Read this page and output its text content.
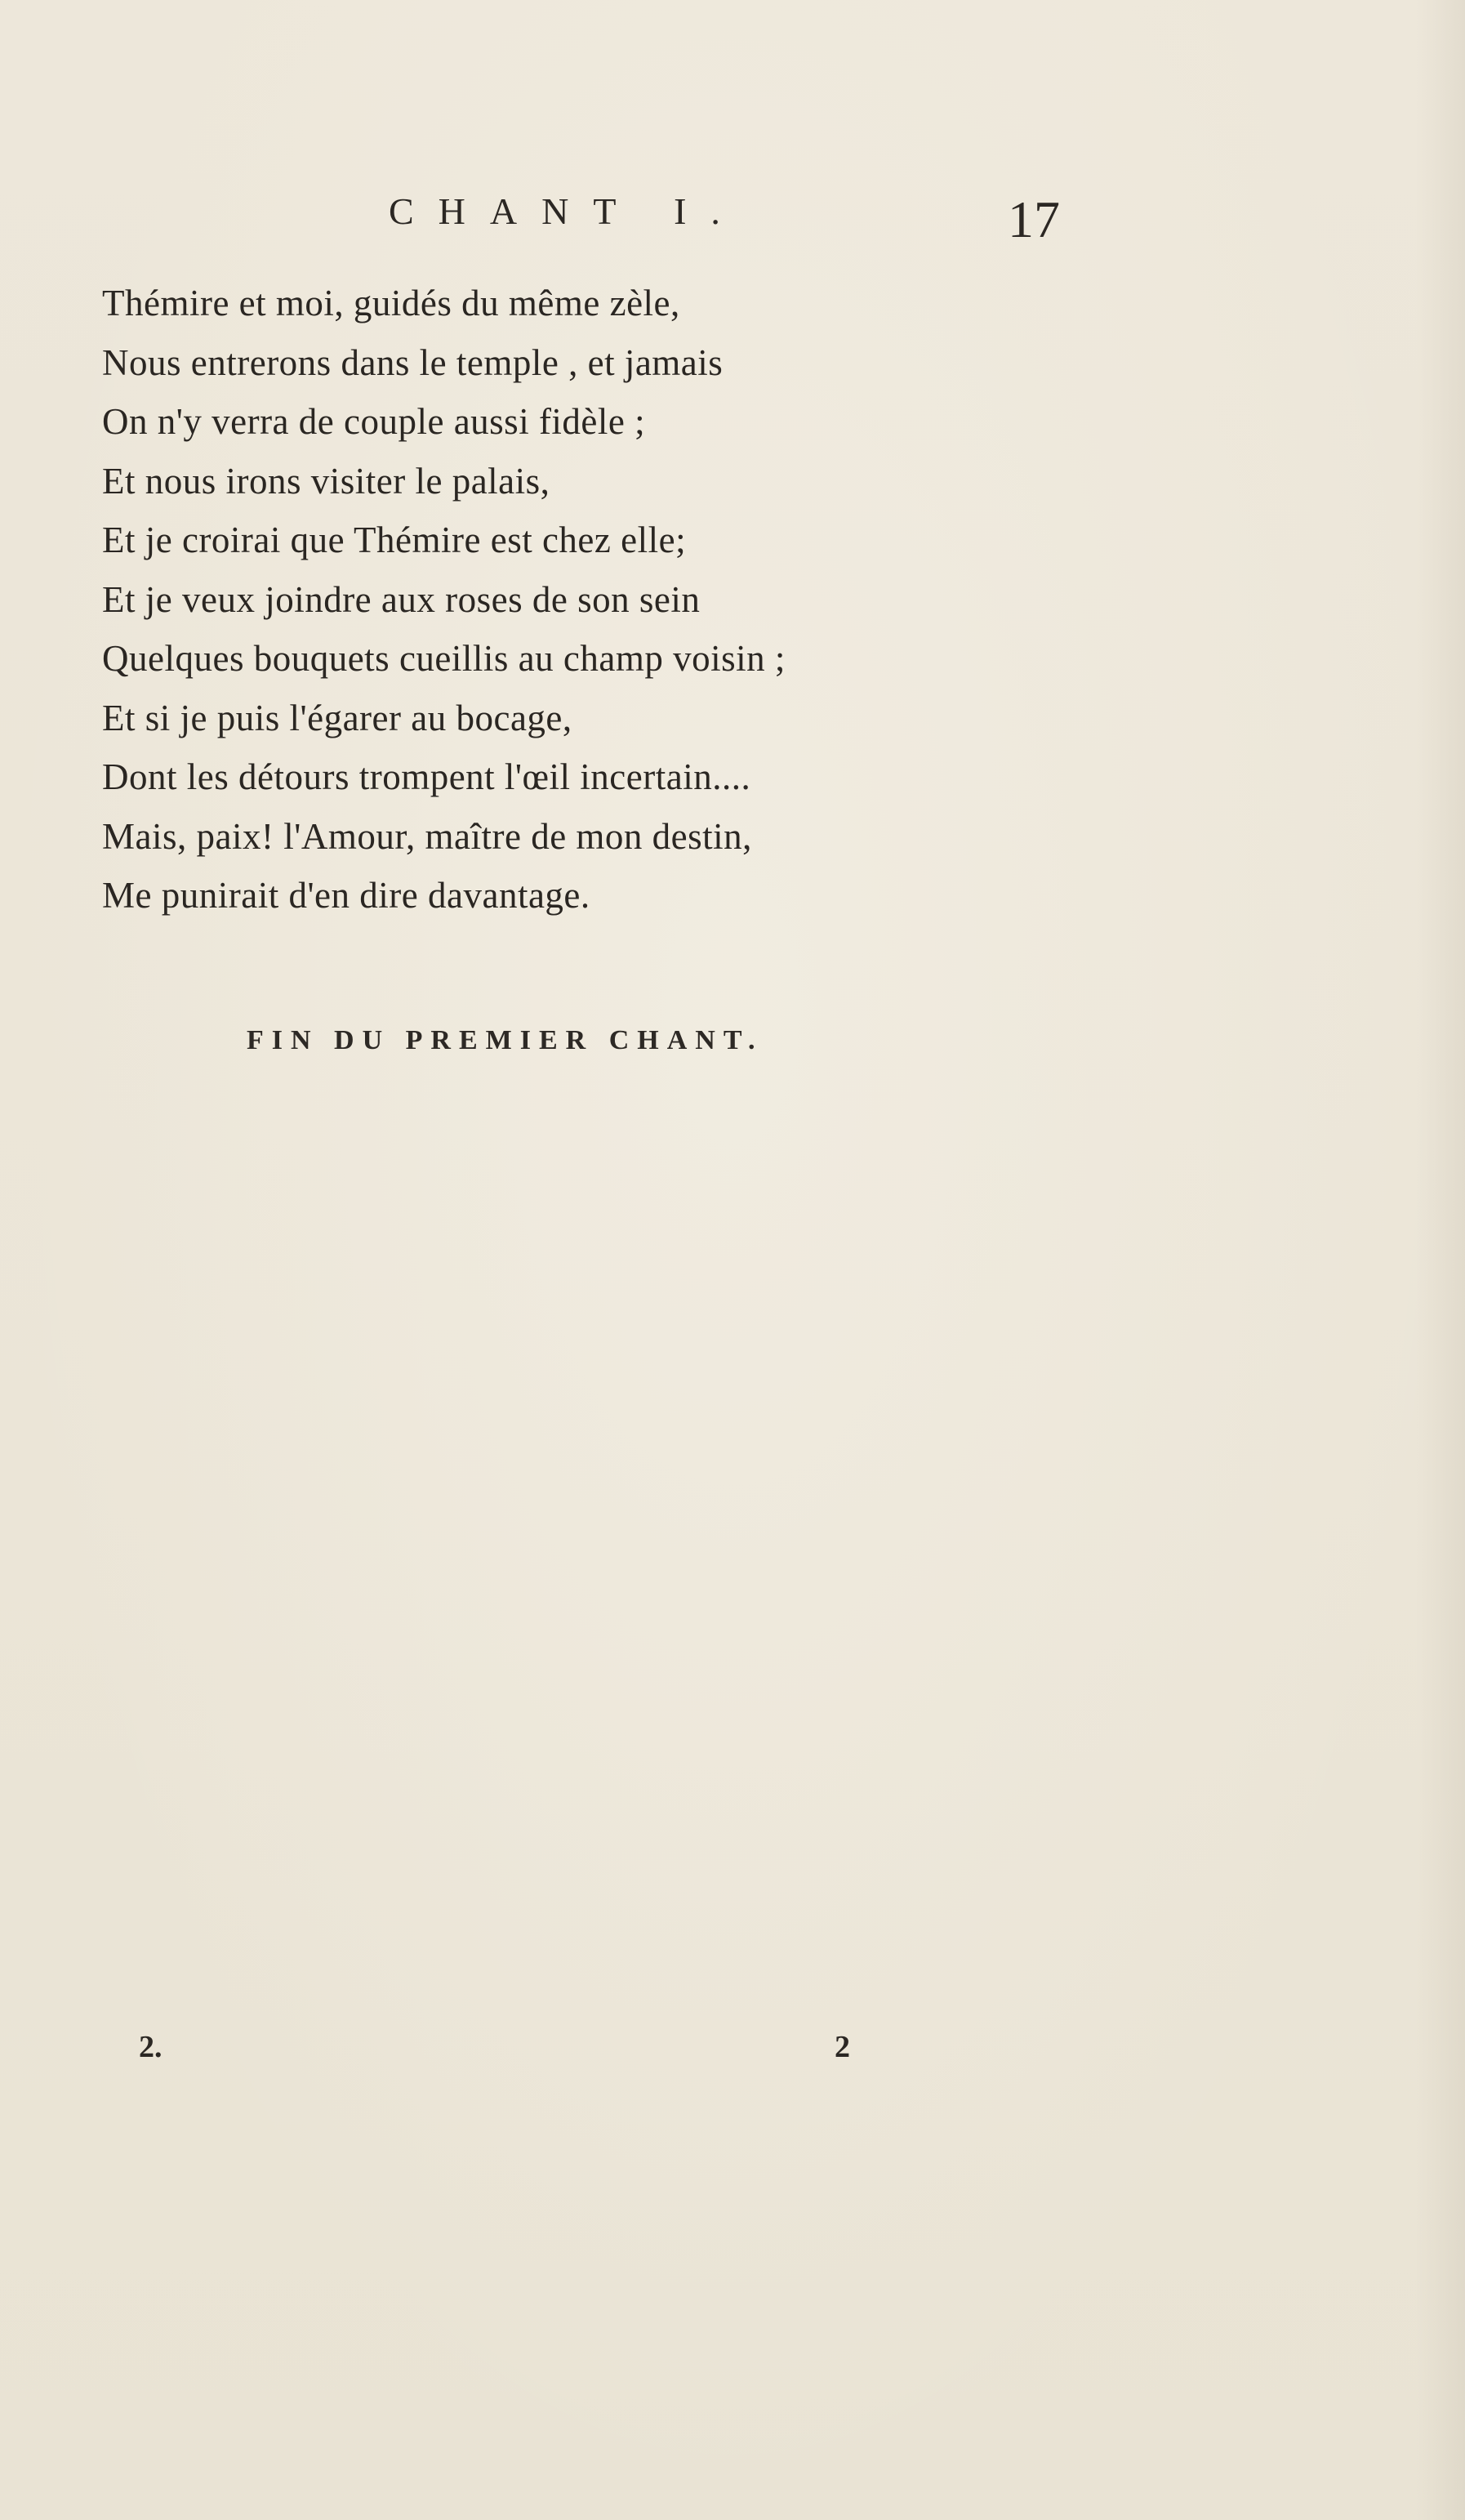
CHANT I.	17
Thémire et moi, guidés du même zèle,
Nous entrerons dans le temple , et jamais
On n'y verra de couple aussi fidèle ;
Et nous irons visiter le palais,
Et je croirai que Thémire est chez elle;
Et je veux joindre aux roses de son sein
Quelques bouquets cueillis au champ voisin ;
Et si je puis l'égarer au bocage,
Dont les détours trompent l'œil incertain....
Mais, paix! l'Amour, maître de mon destin,
Me punirait d'en dire davantage.
FIN DU PREMIER CHANT.
2.	2
